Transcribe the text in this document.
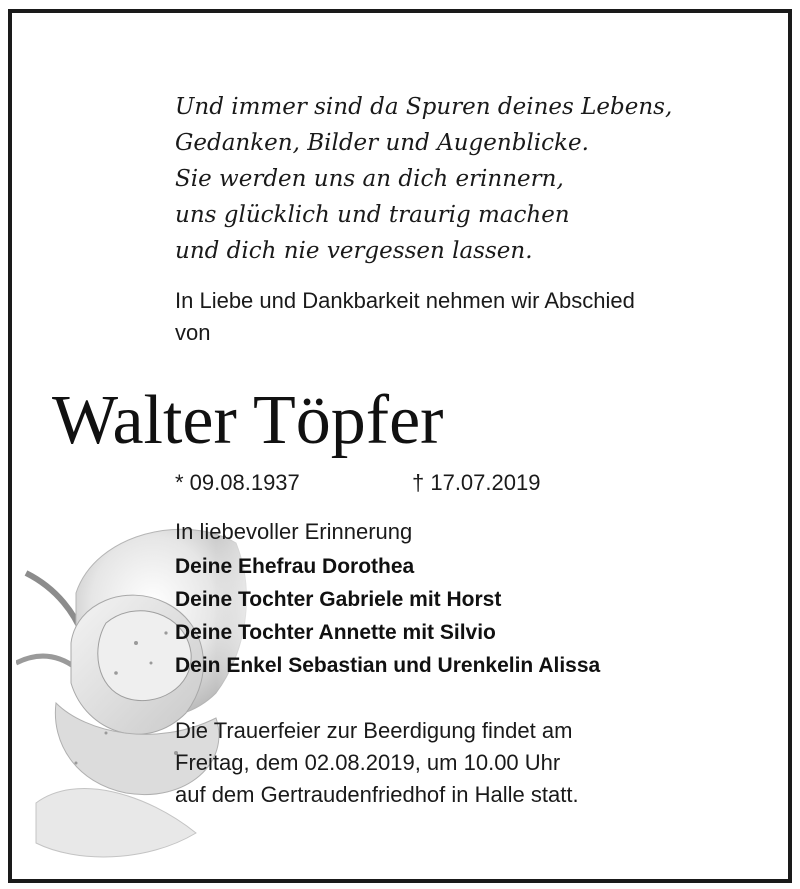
Und immer sind da Spuren deines Lebens,
Gedanken, Bilder und Augenblicke.
Sie werden uns an dich erinnern,
uns glücklich und traurig machen
und dich nie vergessen lassen.
In Liebe und Dankbarkeit nehmen wir Abschied
von
Walter Töpfer
* 09.08.1937	† 17.07.2019
In liebevoller Erinnerung
Deine Ehefrau Dorothea
Deine Tochter Gabriele mit Horst
Deine Tochter Annette mit Silvio
Dein Enkel Sebastian und Urenkelin Alissa
Die Trauerfeier zur Beerdigung findet am
Freitag, dem 02.08.2019, um 10.00 Uhr
auf dem Gertraudenfriedhof in Halle statt.
